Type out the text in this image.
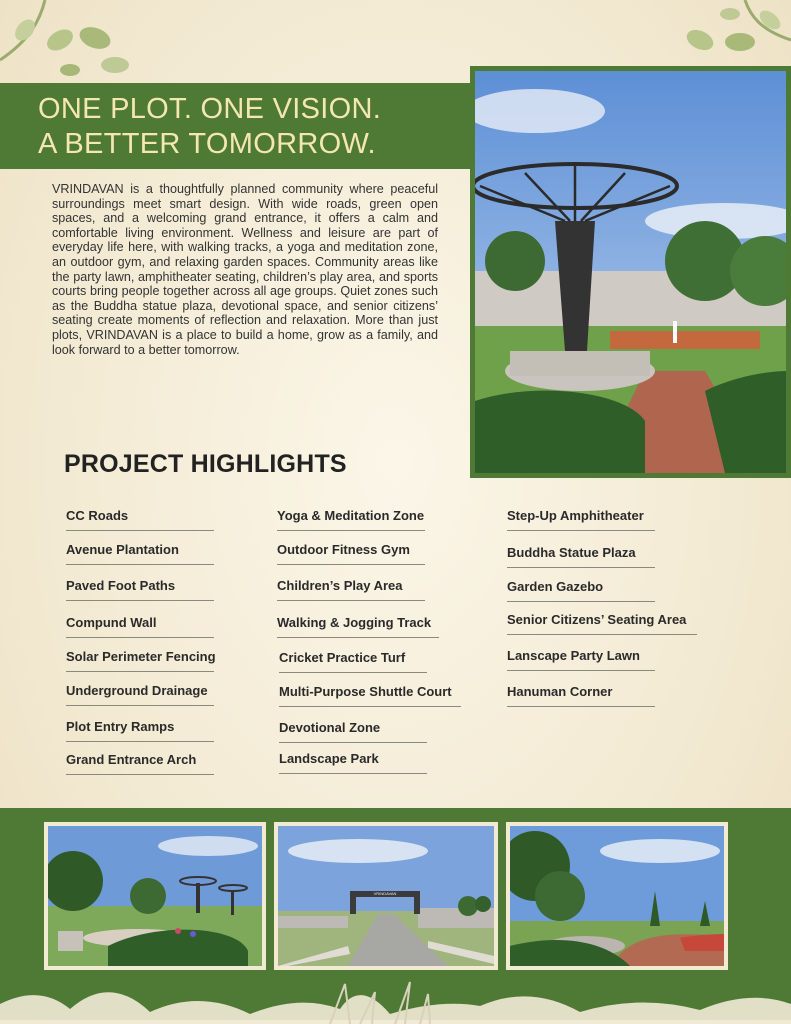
ONE PLOT. ONE VISION.
A BETTER TOMORROW.

VRINDAVAN is a thoughtfully planned community where peaceful surroundings meet smart design. With wide roads, green open spaces, and a welcoming grand entrance, it offers a calm and comfortable living environment. Wellness and leisure are part of everyday life here, with walking tracks, a yoga and meditation zone, an outdoor gym, and relaxing garden spaces. Community areas like the party lawn, amphitheater seating, children’s play area, and sports courts bring people together across all age groups. Quiet zones such as the Buddha statue plaza, devotional space, and senior citizens’ seating create moments of reflection and relaxation. More than just plots, VRINDAVAN is a place to build a home, grow as a family, and look forward to a better tomorrow.

PROJECT HIGHLIGHTS
CC Roads
Avenue Plantation
Paved Foot Paths
Compund Wall
Solar Perimeter Fencing
Underground Drainage
Plot Entry Ramps
Grand Entrance Arch
Yoga & Meditation Zone
Outdoor Fitness Gym
Children’s Play Area
Walking & Jogging Track
Cricket Practice Turf
Multi-Purpose Shuttle Court
Devotional Zone
Landscape Park
Step-Up Amphitheater
Buddha Statue Plaza
Garden Gazebo
Senior Citizens’ Seating Area
Lanscape Party Lawn
Hanuman Corner
VRINDAVAN
